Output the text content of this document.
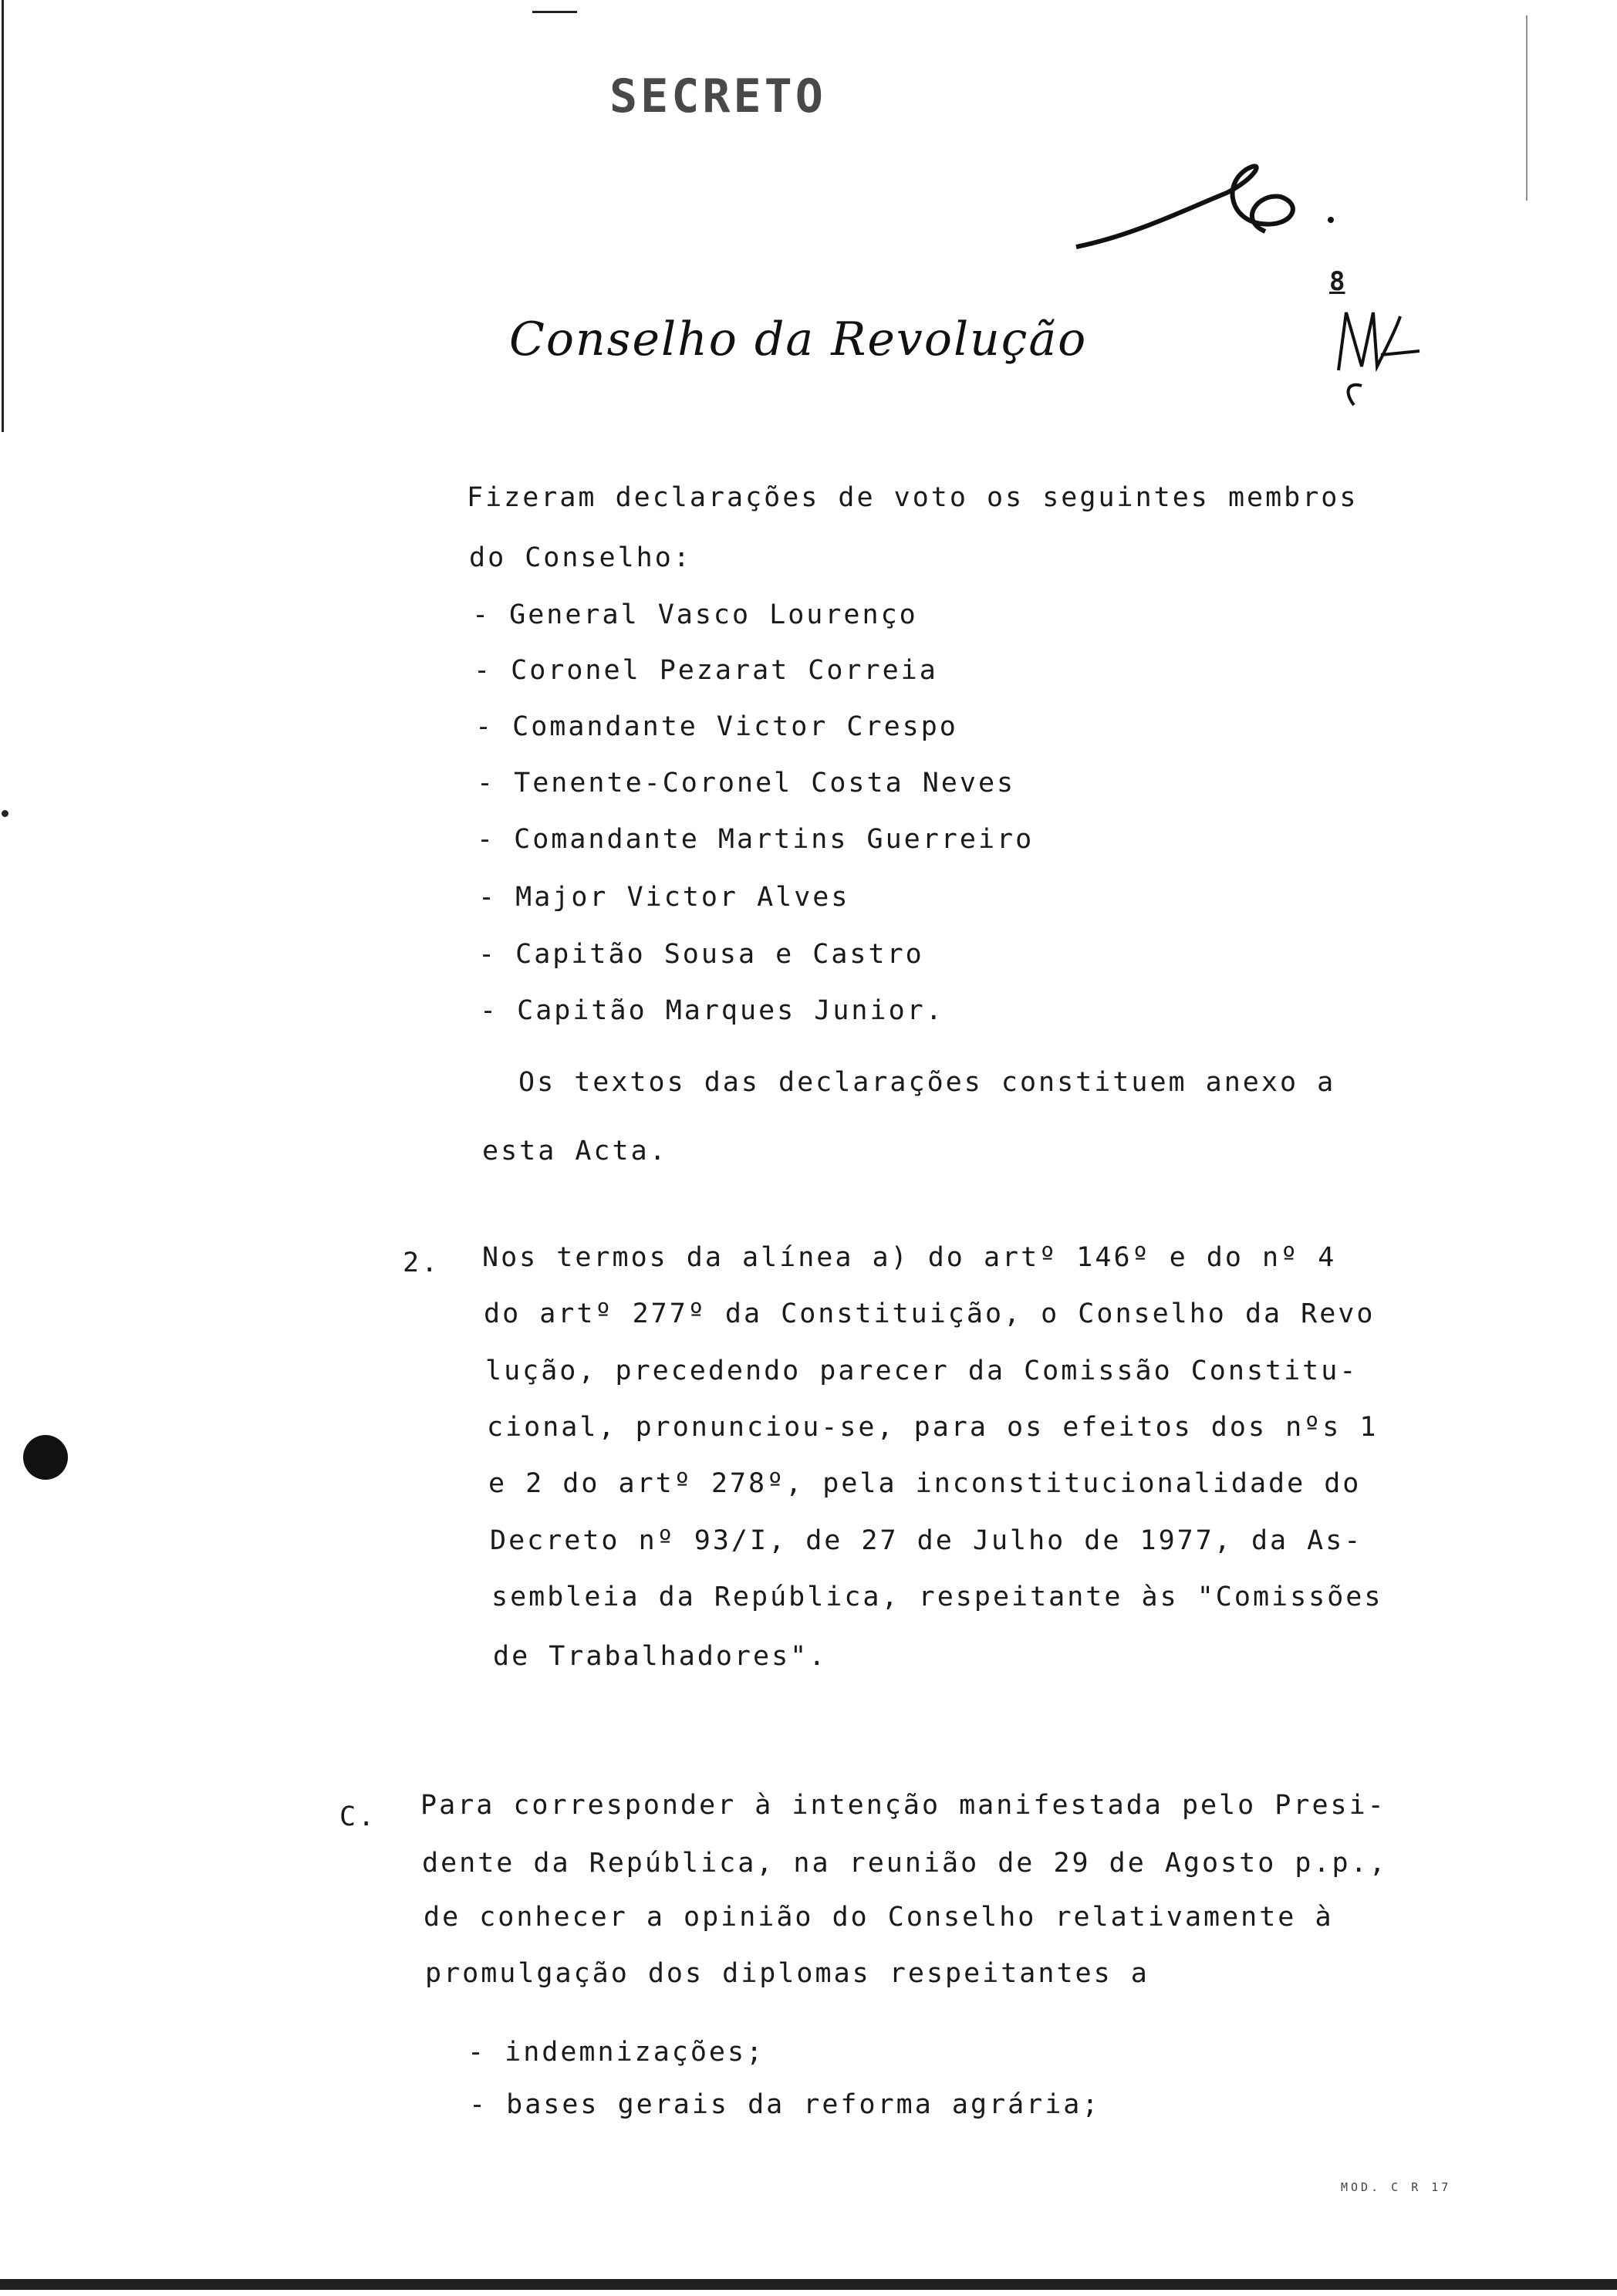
SECRETO
Conselho da Revolução
8
Fizeram declarações de voto os seguintes membros
do Conselho:
- General Vasco Lourenço
- Coronel Pezarat Correia
- Comandante Victor Crespo
- Tenente-Coronel Costa Neves
- Comandante Martins Guerreiro
- Major Victor Alves
- Capitão Sousa e Castro
- Capitão Marques Junior.
Os textos das declarações constituem anexo a
esta Acta.
2. Nos termos da alínea a) do artº 146º e do nº 4
do artº 277º da Constituição, o Conselho da Revo
lução, precedendo parecer da Comissão Constitu-
cional, pronunciou-se, para os efeitos dos nºs 1
e 2 do artº 278º, pela inconstitucionalidade do
Decreto nº 93/I, de 27 de Julho de 1977, da As-
sembleia da República, respeitante às "Comissões
de Trabalhadores".
C. Para corresponder à intenção manifestada pelo Presi-
dente da República, na reunião de 29 de Agosto p.p.,
de conhecer a opinião do Conselho relativamente à
promulgação dos diplomas respeitantes a
- indemnizações;
- bases gerais da reforma agrária;
MOD. C R 17
